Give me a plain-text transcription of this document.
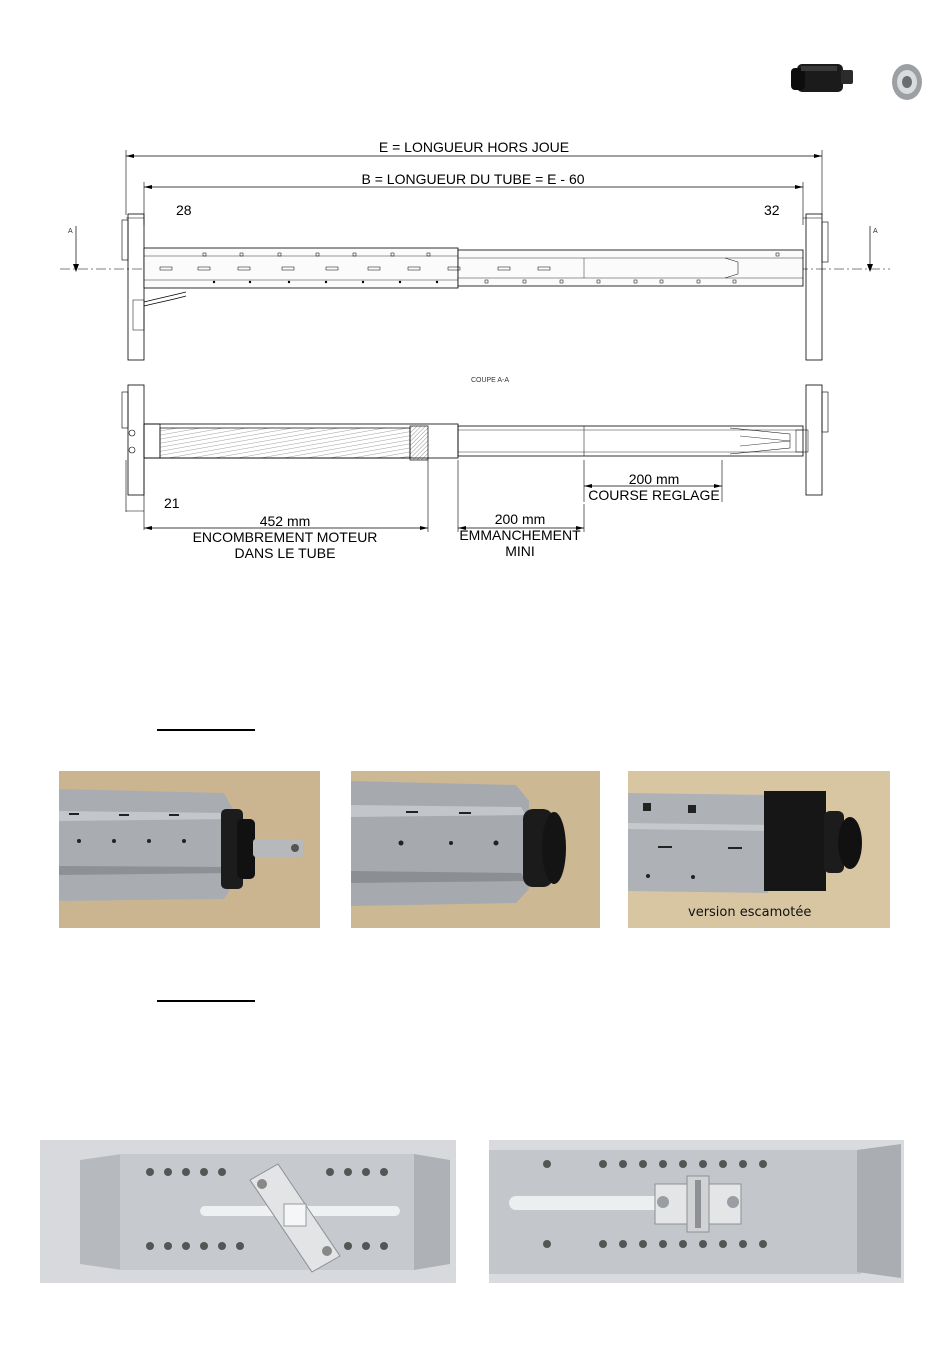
E = LONGUEUR HORS JOUE
B = LONGUEUR DU TUBE = E - 60
28	32
A	A
COUPE A-A
200 mm
COURSE REGLAGE
21
452 mm
ENCOMBREMENT MOTEUR
DANS LE TUBE
200 mm
EMMANCHEMENT
MINI
version escamotée
